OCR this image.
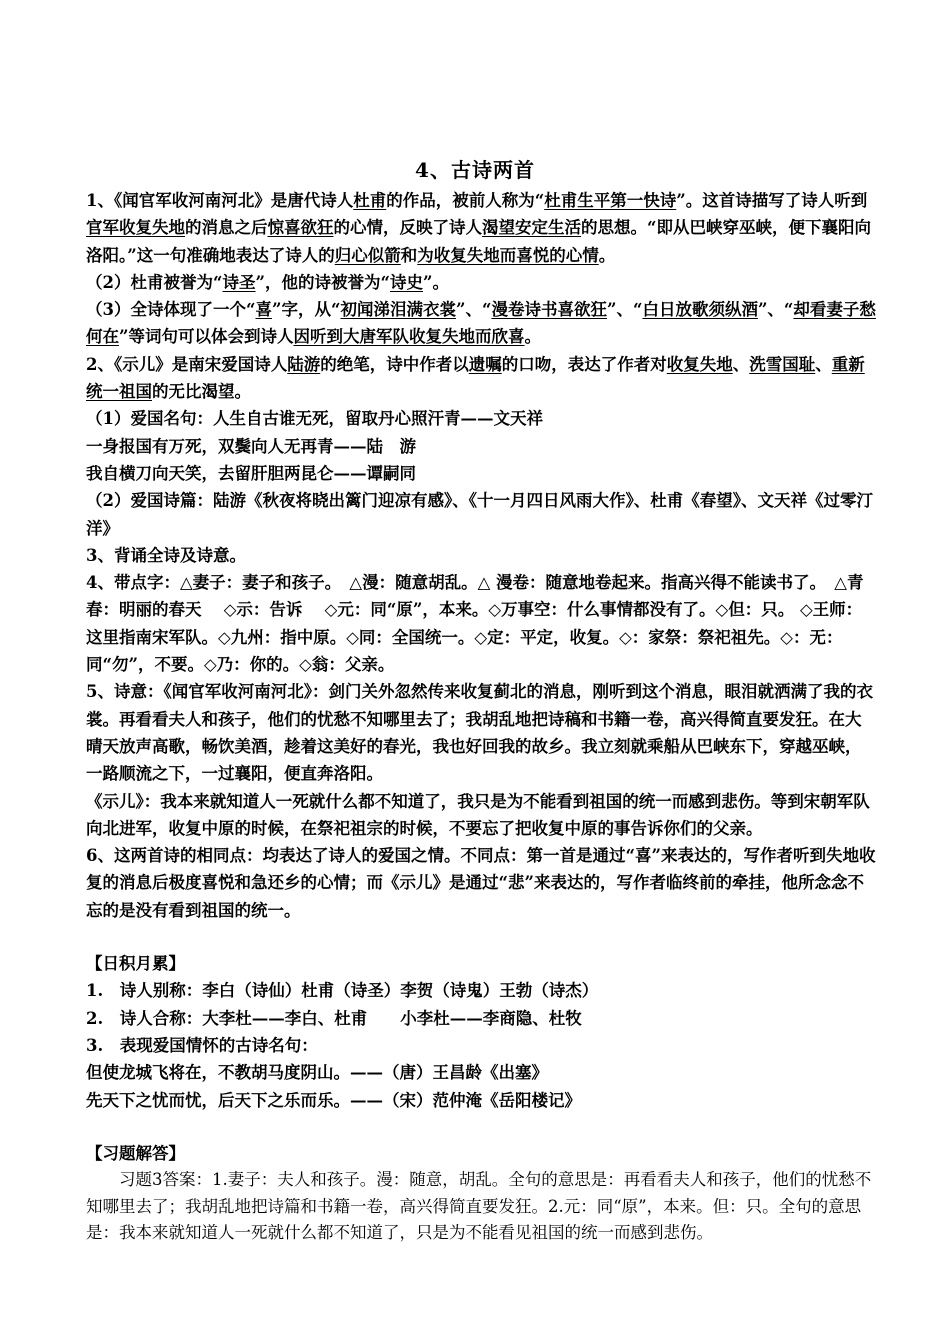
4、古诗两首

1、《闻官军收河南河北》是唐代诗人杜甫的作品，被前人称为“杜甫生平第一快诗”。这首诗描写了诗人听到官军收复失地的消息之后惊喜欲狂的心情，反映了诗人渴望安定生活的思想。“即从巴峡穿巫峡，便下襄阳向洛阳。”这一句准确地表达了诗人的归心似箭和为收复失地而喜悦的心情。

（2）杜甫被誉为“诗圣”，他的诗被誉为“诗史”。

（3）全诗体现了一个“喜”字，从“初闻涕泪满衣裳”、“漫卷诗书喜欲狂”、“白日放歌须纵酒”、“却看妻子愁何在”等词句可以体会到诗人因听到大唐军队收复失地而欣喜。

2、《示儿》是南宋爱国诗人陆游的绝笔，诗中作者以遗嘱的口吻，表达了作者对收复失地、洗雪国耻、重新统一祖国的无比渴望。

（1）爱国名句：人生自古谁无死，留取丹心照汗青——文天祥

一身报国有万死，双鬓向人无再青——陆　游

我自横刀向天笑，去留肝胆两昆仑——谭嗣同

（2）爱国诗篇：陆游《秋夜将晓出篱门迎凉有感》、《十一月四日风雨大作》、杜甫《春望》、文天祥《过零汀洋》

3、背诵全诗及诗意。

4、带点字：△妻子：妻子和孩子。　△漫：随意胡乱。△ 漫卷：随意地卷起来。指高兴得不能读书了。　△青春：明丽的春天　 ◇示：告诉　 ◇元：同“原”，本来。◇万事空：什么事情都没有了。◇但：只。 ◇王师：这里指南宋军队。◇九州：指中原。◇同：全国统一。◇定：平定，收复。◇：家祭：祭祀祖先。◇：无：同“勿”，不要。◇乃：你的。◇翁：父亲。

5、诗意：《闻官军收河南河北》：剑门关外忽然传来收复蓟北的消息，刚听到这个消息，眼泪就洒满了我的衣裳。再看看夫人和孩子，他们的忧愁不知哪里去了；我胡乱地把诗稿和书籍一卷，高兴得简直要发狂。在大晴天放声高歌，畅饮美酒，趁着这美好的春光，我也好回我的故乡。我立刻就乘船从巴峡东下，穿越巫峡，一路顺流之下，一过襄阳，便直奔洛阳。

《示儿》：我本来就知道人一死就什么都不知道了，我只是为不能看到祖国的统一而感到悲伤。等到宋朝军队向北进军，收复中原的时候，在祭祀祖宗的时候，不要忘了把收复中原的事告诉你们的父亲。

6、这两首诗的相同点：均表达了诗人的爱国之情。不同点：第一首是通过“喜”来表达的，写作者听到失地收复的消息后极度喜悦和急还乡的心情；而《示儿》是通过“悲”来表达的，写作者临终前的牵挂，他所念念不忘的是没有看到祖国的统一。

【日积月累】

1.　诗人别称：李白（诗仙）杜甫（诗圣）李贺（诗鬼）王勃（诗杰）

2.　诗人合称：大李杜——李白、杜甫　　小李杜——李商隐、杜牧

3.　表现爱国情怀的古诗名句：

但使龙城飞将在，不教胡马度阴山。——（唐）王昌龄《出塞》

先天下之忧而忧，后天下之乐而乐。——（宋）范仲淹《岳阳楼记》

【习题解答】

习题3答案：1.妻子：夫人和孩子。漫：随意，胡乱。全句的意思是：再看看夫人和孩子，他们的忧愁不知哪里去了；我胡乱地把诗篇和书籍一卷，高兴得简直要发狂。2.元：同“原”，本来。但：只。全句的意思是：我本来就知道人一死就什么都不知道了，只是为不能看见祖国的统一而感到悲伤。
